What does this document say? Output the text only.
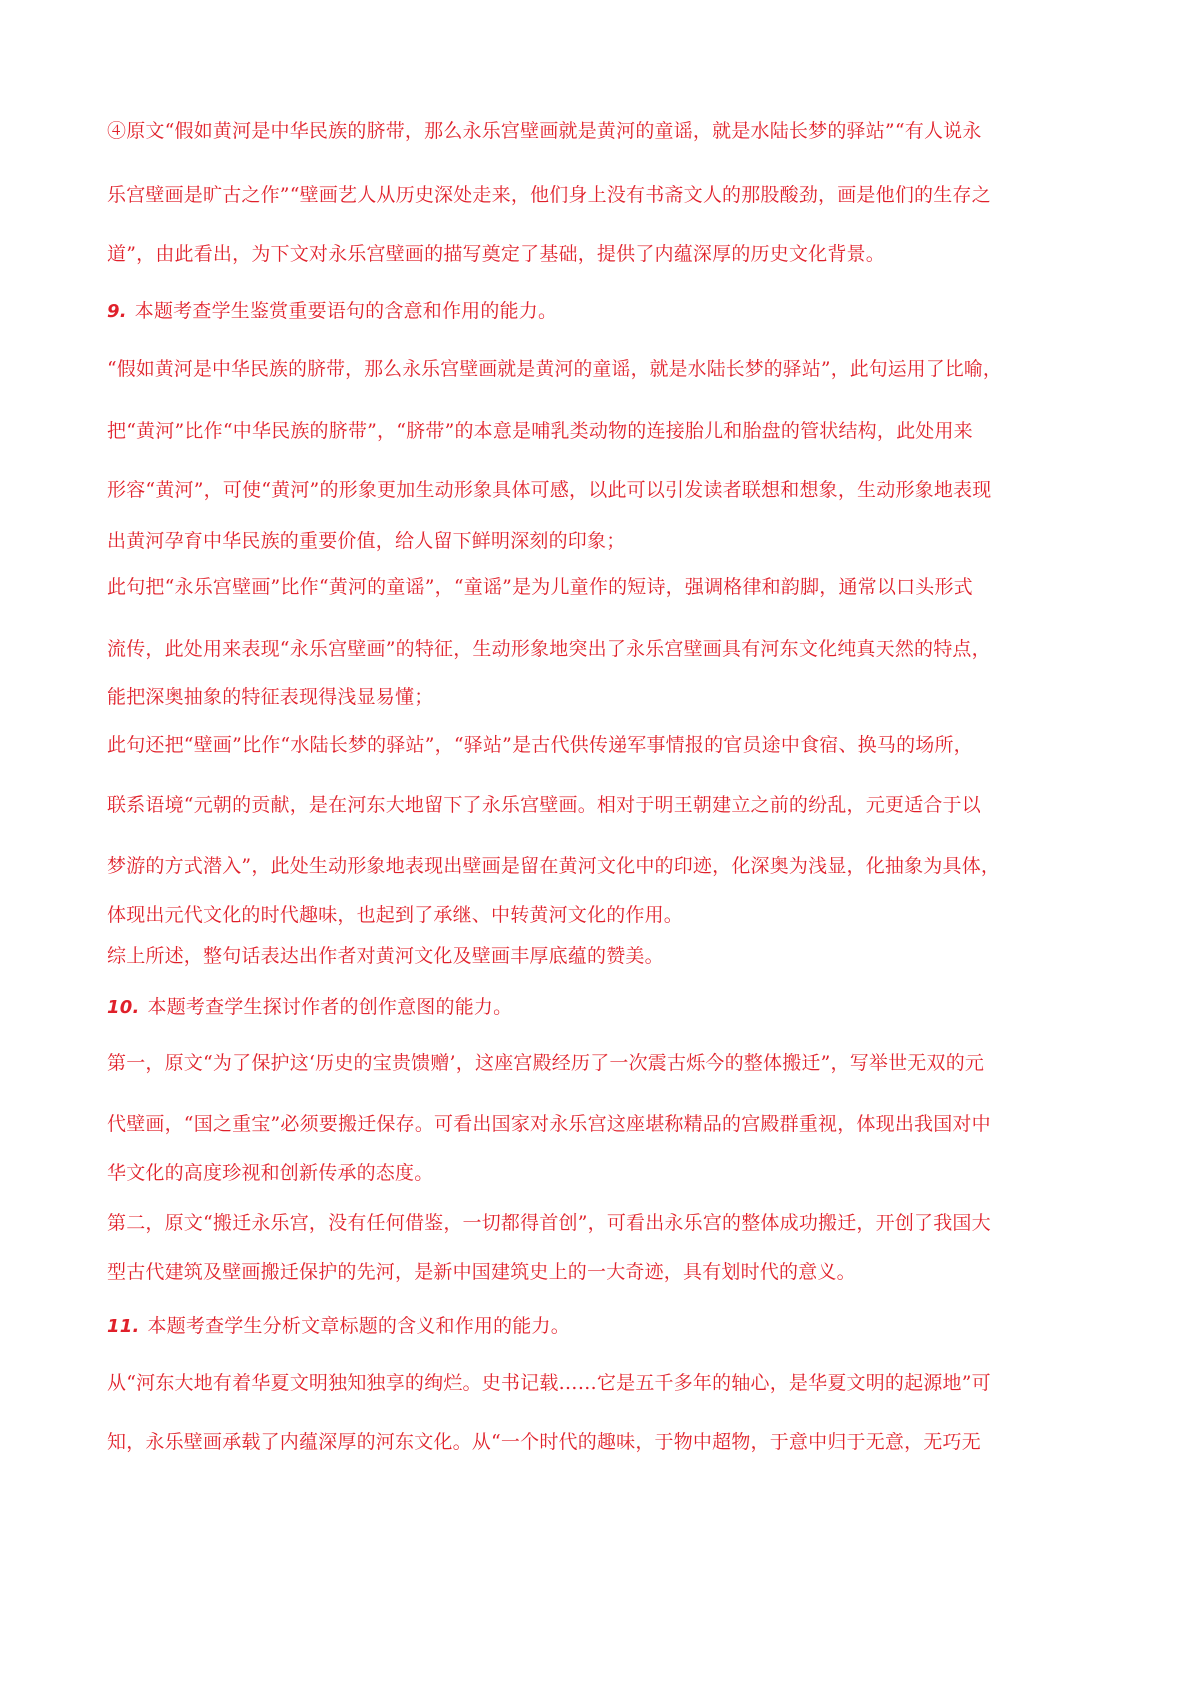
④原文“假如黄河是中华民族的脐带，那么永乐宫壁画就是黄河的童谣，就是水陆长梦的驿站”“有人说永
乐宫壁画是旷古之作”“壁画艺人从历史深处走来，他们身上没有书斋文人的那股酸劲，画是他们的生存之
道”，由此看出，为下文对永乐宫壁画的描写奠定了基础，提供了内蕴深厚的历史文化背景。
9. 本题考查学生鉴赏重要语句的含意和作用的能力。
“假如黄河是中华民族的脐带，那么永乐宫壁画就是黄河的童谣，就是水陆长梦的驿站”，此句运用了比喻，
把“黄河”比作“中华民族的脐带”，“脐带”的本意是哺乳类动物的连接胎儿和胎盘的管状结构，此处用来
形容“黄河”，可使“黄河”的形象更加生动形象具体可感，以此可以引发读者联想和想象，生动形象地表现
出黄河孕育中华民族的重要价值，给人留下鲜明深刻的印象；
此句把“永乐宫壁画”比作“黄河的童谣”，“童谣”是为儿童作的短诗，强调格律和韵脚，通常以口头形式
流传，此处用来表现“永乐宫壁画”的特征，生动形象地突出了永乐宫壁画具有河东文化纯真天然的特点，
能把深奥抽象的特征表现得浅显易懂；
此句还把“壁画”比作“水陆长梦的驿站”，“驿站”是古代供传递军事情报的官员途中食宿、换马的场所，
联系语境“元朝的贡献，是在河东大地留下了永乐宫壁画。相对于明王朝建立之前的纷乱，元更适合于以
梦游的方式潜入”，此处生动形象地表现出壁画是留在黄河文化中的印迹，化深奥为浅显，化抽象为具体，
体现出元代文化的时代趣味，也起到了承继、中转黄河文化的作用。
综上所述，整句话表达出作者对黄河文化及壁画丰厚底蕴的赞美。
10. 本题考查学生探讨作者的创作意图的能力。
第一，原文“为了保护这‘历史的宝贵馈赠’，这座宫殿经历了一次震古烁今的整体搬迁”，写举世无双的元
代壁画，“国之重宝”必须要搬迁保存。可看出国家对永乐宫这座堪称精品的宫殿群重视，体现出我国对中
华文化的高度珍视和创新传承的态度。
第二，原文“搬迁永乐宫，没有任何借鉴，一切都得首创”，可看出永乐宫的整体成功搬迁，开创了我国大
型古代建筑及壁画搬迁保护的先河，是新中国建筑史上的一大奇迹，具有划时代的意义。
11. 本题考查学生分析文章标题的含义和作用的能力。
从“河东大地有着华夏文明独知独享的绚烂。史书记载……它是五千多年的轴心，是华夏文明的起源地”可
知，永乐壁画承载了内蕴深厚的河东文化。从“一个时代的趣味，于物中超物，于意中归于无意，无巧无
